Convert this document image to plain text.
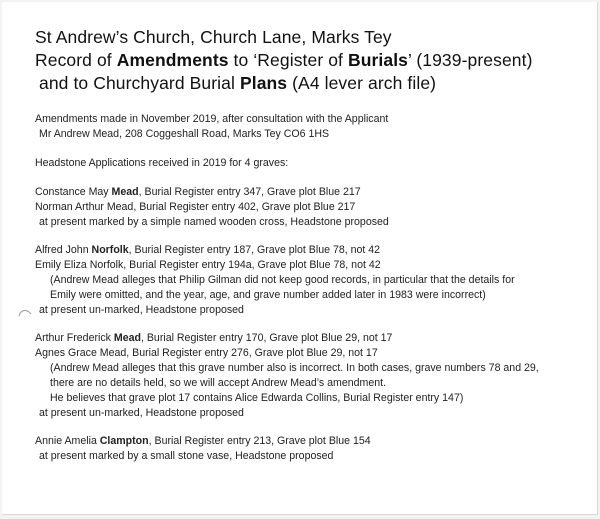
St Andrew’s Church, Church Lane, Marks Tey
Record of Amendments to ‘Register of Burials’ (1939-present)
and to Churchyard Burial Plans (A4 lever arch file)
Amendments made in November 2019, after consultation with the Applicant
Mr Andrew Mead, 208 Coggeshall Road, Marks Tey CO6 1HS
Headstone Applications received in 2019 for 4 graves:
Constance May Mead, Burial Register entry 347, Grave plot Blue 217
Norman Arthur Mead, Burial Register entry 402, Grave plot Blue 217
at present marked by a simple named wooden cross, Headstone proposed
Alfred John Norfolk, Burial Register entry 187, Grave plot Blue 78, not 42
Emily Eliza Norfolk, Burial Register entry 194a, Grave plot Blue 78, not 42
(Andrew Mead alleges that Philip Gilman did not keep good records, in particular that the details for
Emily were omitted, and the year, age, and grave number added later in 1983 were incorrect)
at present un-marked, Headstone proposed
Arthur Frederick Mead, Burial Register entry 170, Grave plot Blue 29, not 17
Agnes Grace Mead, Burial Register entry 276, Grave plot Blue 29, not 17
(Andrew Mead alleges that this grave number also is incorrect. In both cases, grave numbers 78 and 29,
there are no details held, so we will accept Andrew Mead’s amendment.
He believes that grave plot 17 contains Alice Edwarda Collins, Burial Register entry 147)
at present un-marked, Headstone proposed
Annie Amelia Clampton, Burial Register entry 213, Grave plot Blue 154
at present marked by a small stone vase, Headstone proposed
